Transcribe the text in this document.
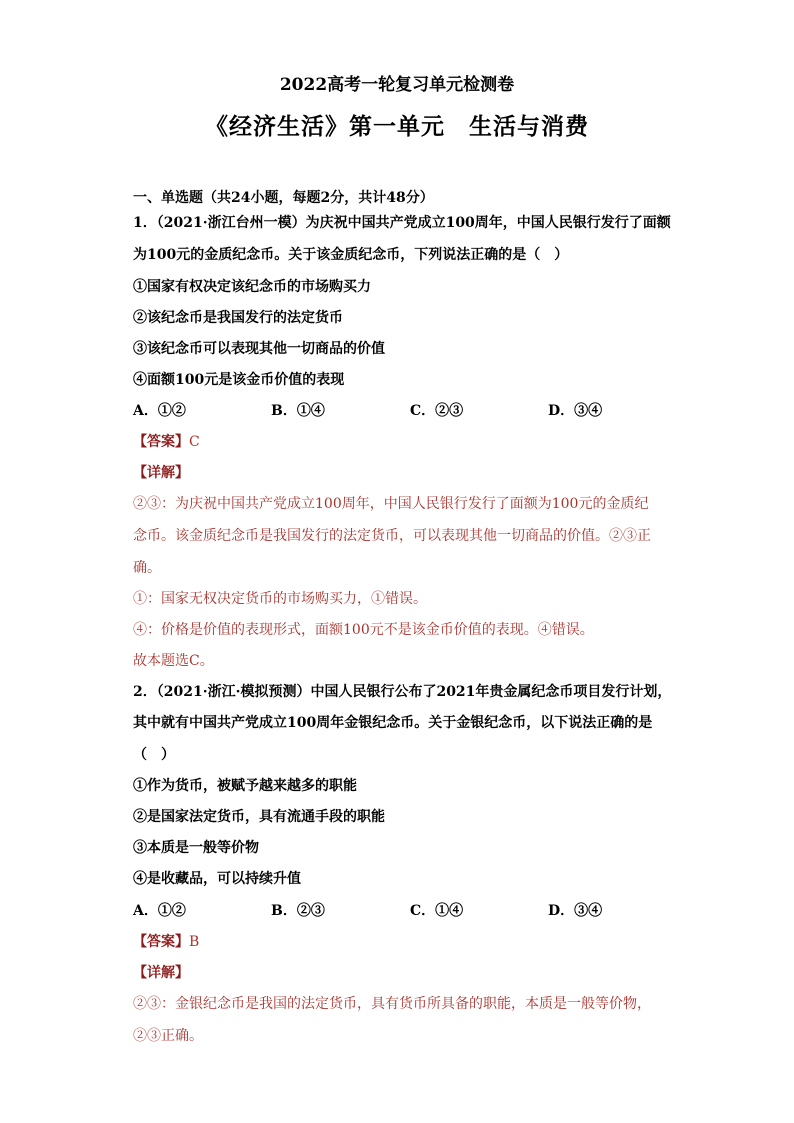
2022高考一轮复习单元检测卷
《经济生活》第一单元　生活与消费
一、单选题（共24小题，每题2分，共计48分）
1．（2021·浙江台州一模）为庆祝中国共产党成立100周年，中国人民银行发行了面额
为100元的金质纪念币。关于该金质纪念币，下列说法正确的是（　）
①国家有权决定该纪念币的市场购买力
②该纪念币是我国发行的法定货币
③该纪念币可以表现其他一切商品的价值
④面额100元是该金币价值的表现
A．①②	B．①④	C．②③	D．③④
【答案】C
【详解】
②③：为庆祝中国共产党成立100周年，中国人民银行发行了面额为100元的金质纪
念币。该金质纪念币是我国发行的法定货币，可以表现其他一切商品的价值。②③正
确。
①：国家无权决定货币的市场购买力，①错误。
④：价格是价值的表现形式，面额100元不是该金币价值的表现。④错误。
故本题选C。
2．（2021·浙江·模拟预测）中国人民银行公布了2021年贵金属纪念币项目发行计划，
其中就有中国共产党成立100周年金银纪念币。关于金银纪念币，以下说法正确的是
（　）
①作为货币，被赋予越来越多的职能
②是国家法定货币，具有流通手段的职能
③本质是一般等价物
④是收藏品，可以持续升值
A．①②	B．②③	C．①④	D．③④
【答案】B
【详解】
②③：金银纪念币是我国的法定货币，具有货币所具备的职能，本质是一般等价物，
②③正确。
